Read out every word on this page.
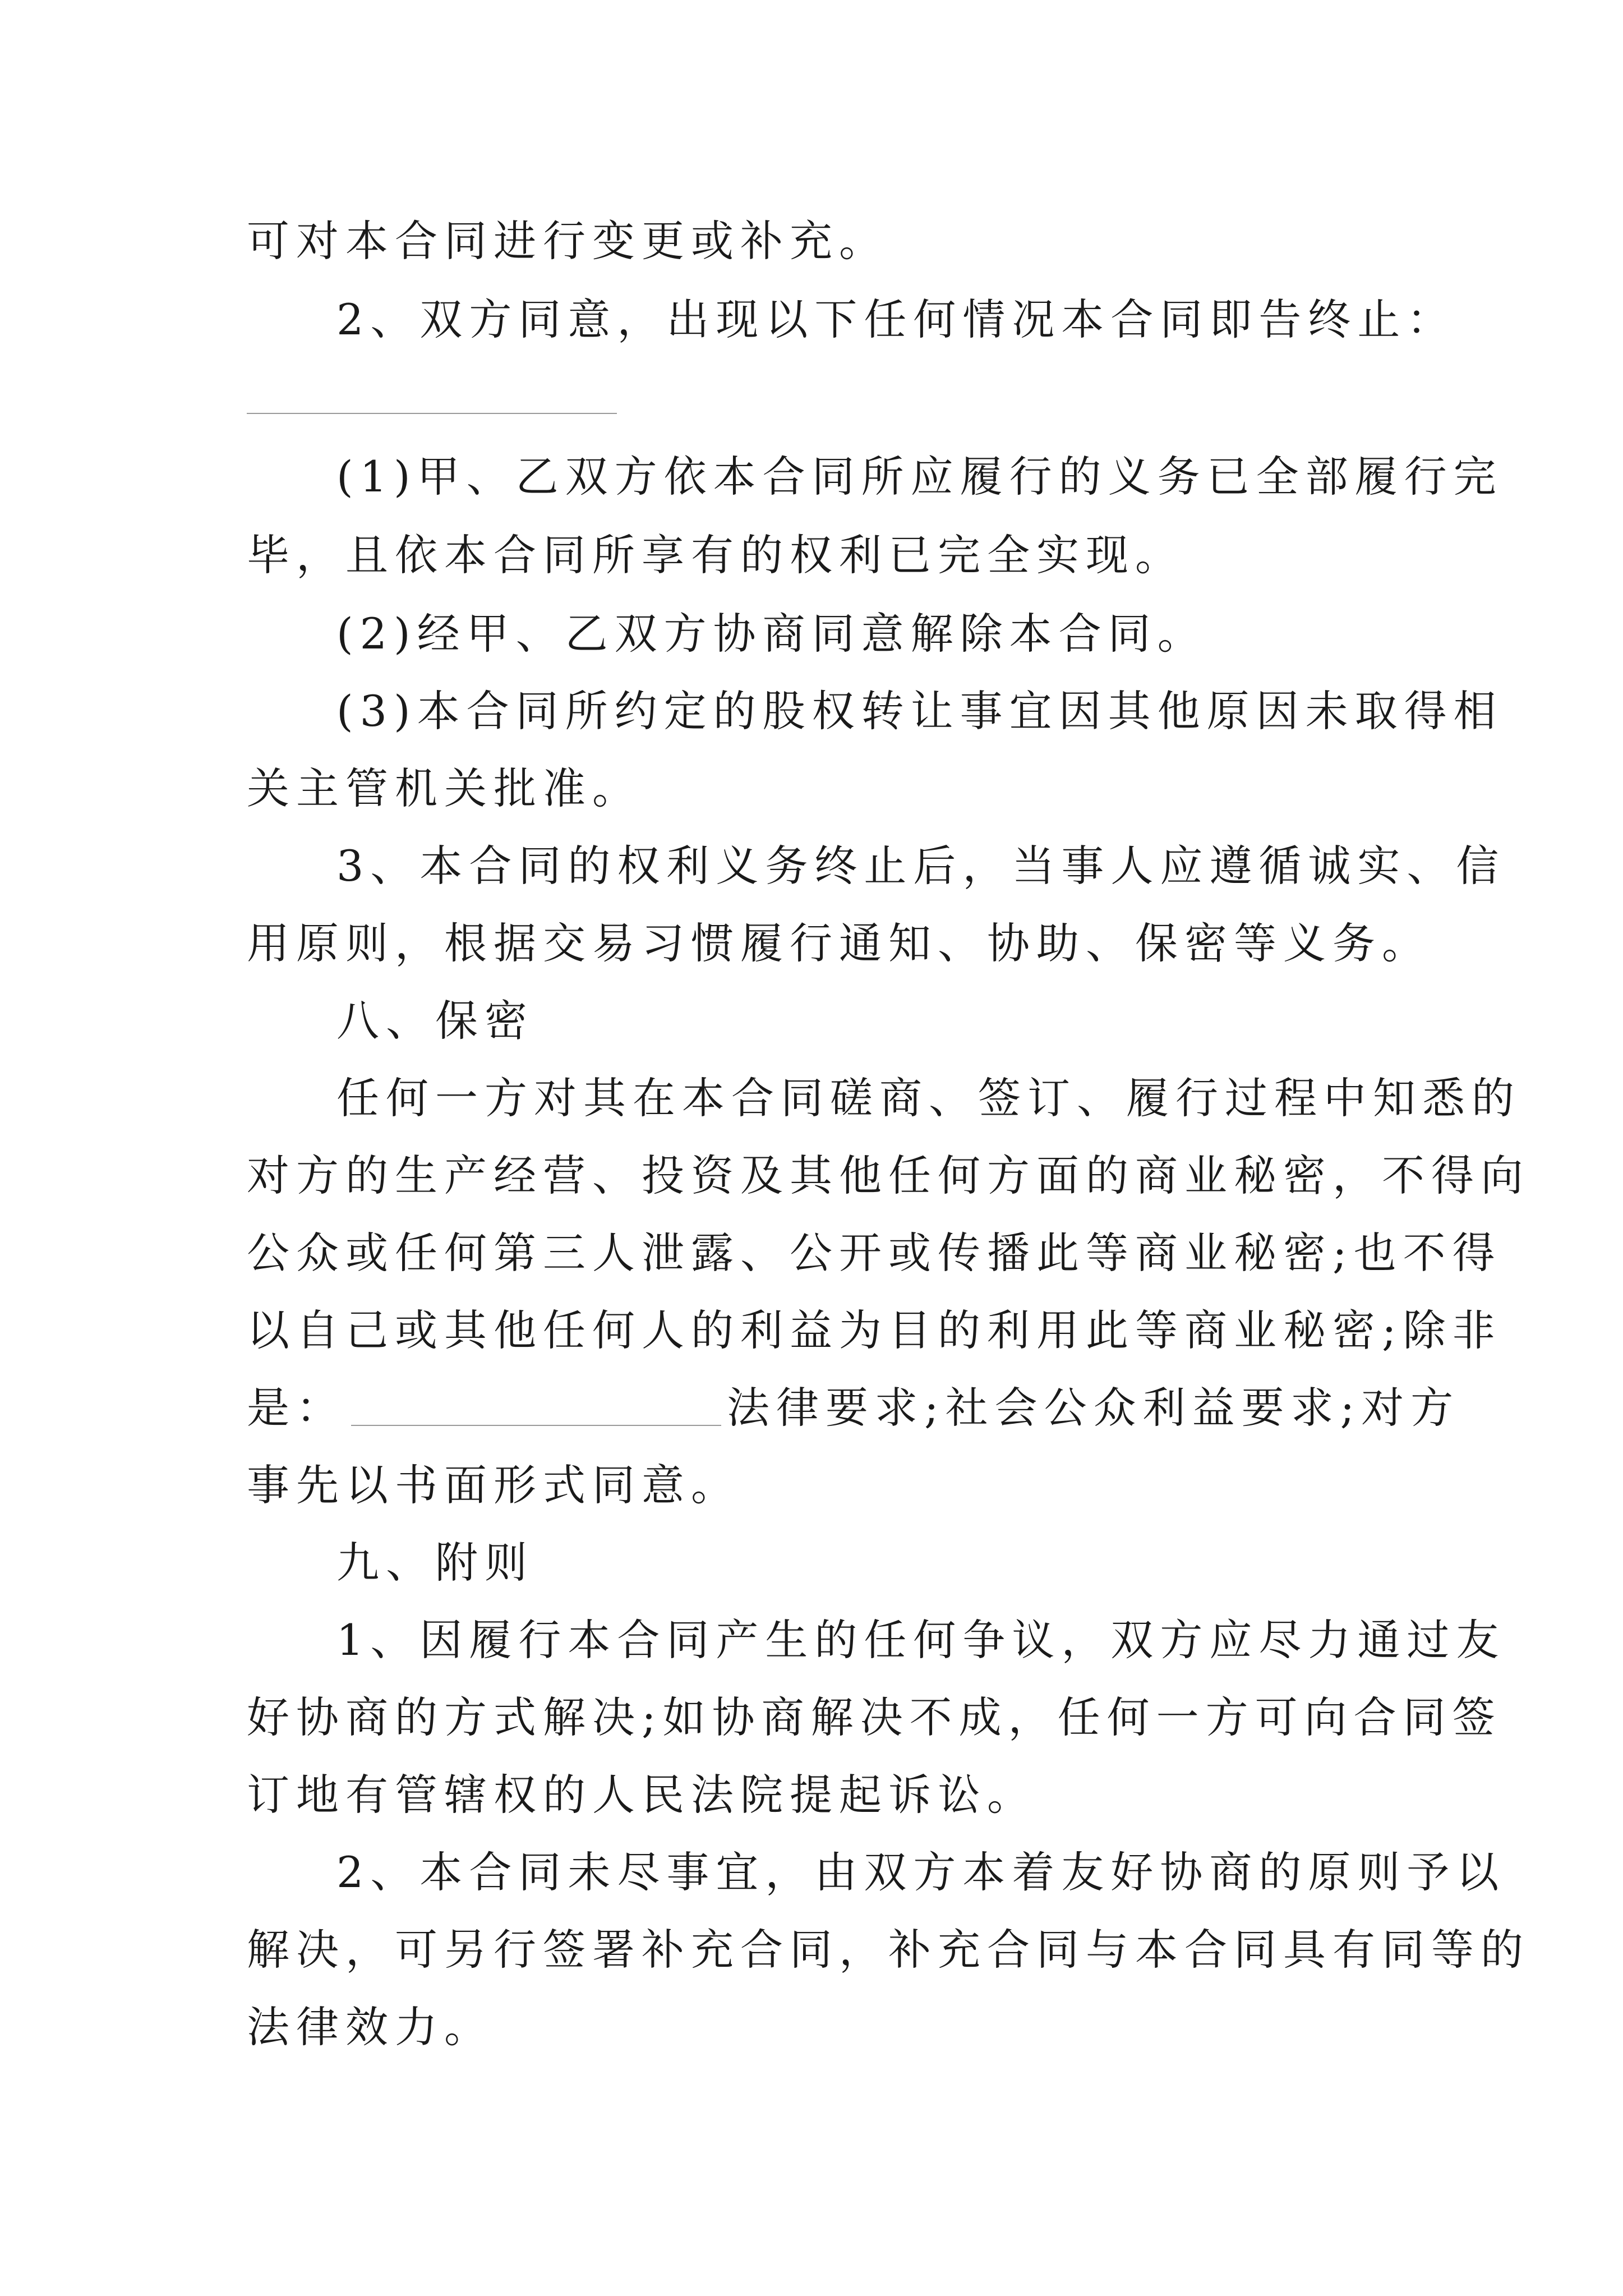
可对本合同进行变更或补充。
2、双方同意，出现以下任何情况本合同即告终止：
(1)甲、乙双方依本合同所应履行的义务已全部履行完
毕，且依本合同所享有的权利已完全实现。
(2)经甲、乙双方协商同意解除本合同。
(3)本合同所约定的股权转让事宜因其他原因未取得相
关主管机关批准。
3、本合同的权利义务终止后，当事人应遵循诚实、信
用原则，根据交易习惯履行通知、协助、保密等义务。
八、保密
任何一方对其在本合同磋商、签订、履行过程中知悉的
对方的生产经营、投资及其他任何方面的商业秘密，不得向
公众或任何第三人泄露、公开或传播此等商业秘密;也不得
以自己或其他任何人的利益为目的利用此等商业秘密;除非
是：	法律要求;社会公众利益要求;对方
事先以书面形式同意。
九、附则
1、因履行本合同产生的任何争议，双方应尽力通过友
好协商的方式解决;如协商解决不成，任何一方可向合同签
订地有管辖权的人民法院提起诉讼。
2、本合同未尽事宜，由双方本着友好协商的原则予以
解决，可另行签署补充合同，补充合同与本合同具有同等的
法律效力。
